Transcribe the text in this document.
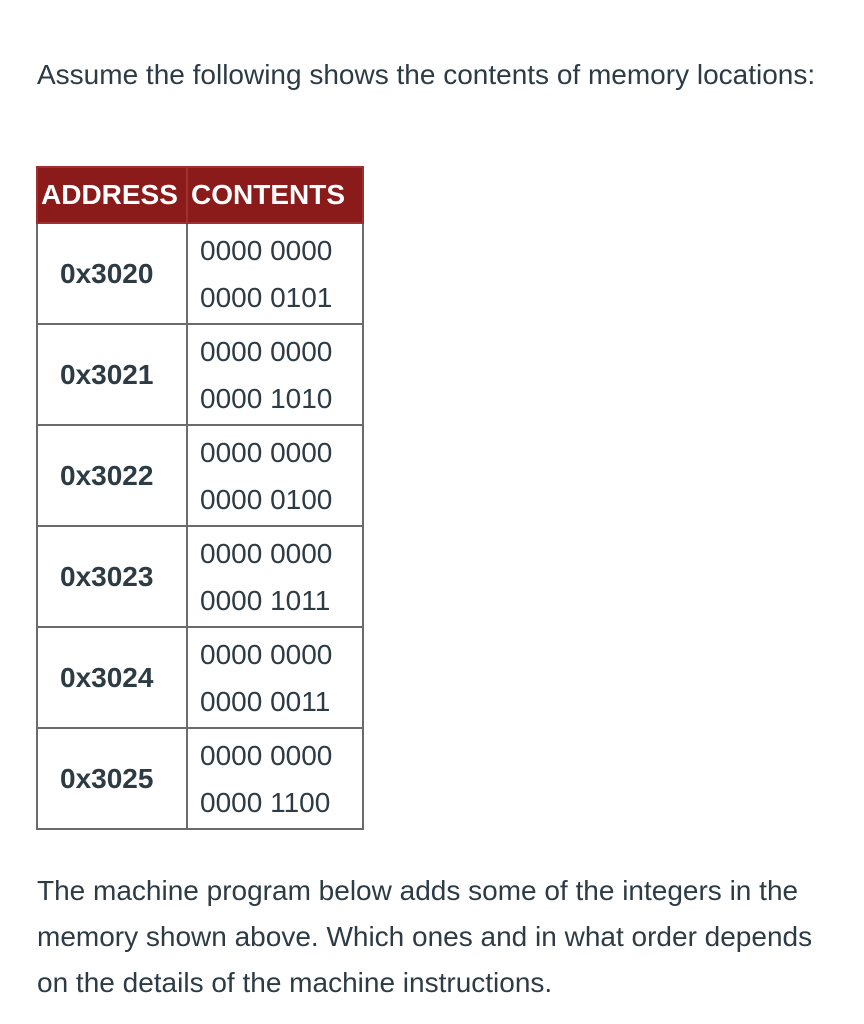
Assume the following shows the contents of memory locations:

ADDRESS	CONTENTS
0x3020	0000 0000
0000 0101

0x3021	0000 0000
0000 1010

0x3022	0000 0000
0000 0100

0x3023	0000 0000
0000 1011

0x3024	0000 0000
0000 0011

0x3025	0000 0000
0000 1100

The machine program below adds some of the integers in the memory shown above. Which ones and in what order depends on the details of the machine instructions.
